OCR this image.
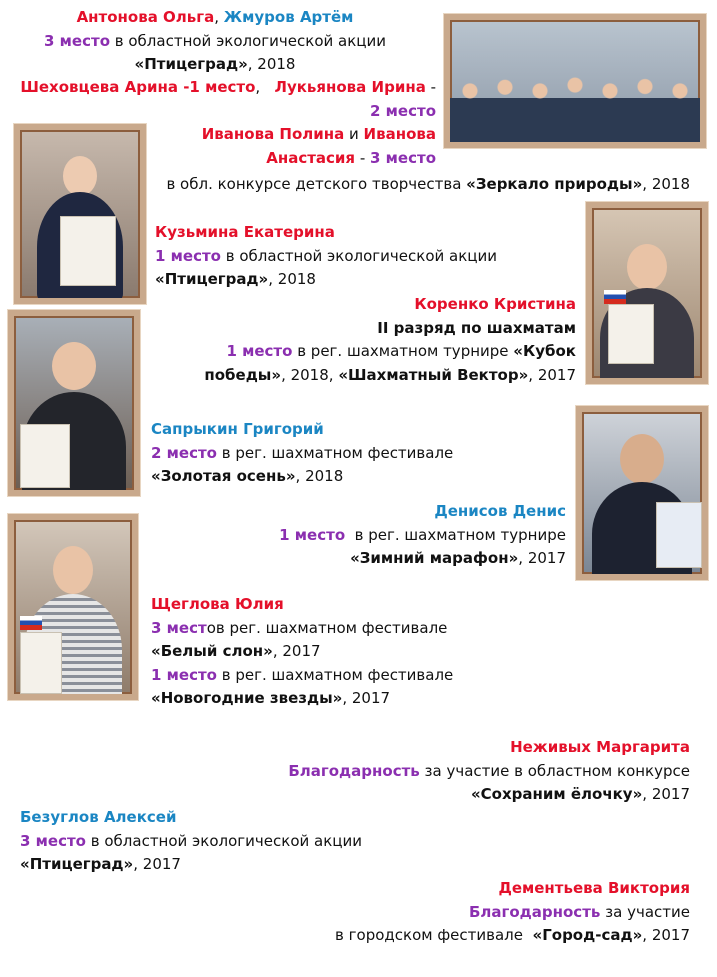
Антонова Ольга, Жмуров Артём

3 место в областной экологической акции

«Птицеград», 2018

Шеховцева Арина -1 место,   Лукьянова Ирина -

2 место

Иванова Полина и Иванова

Анастасия - 3 место

в обл. конкурсе детского творчества «Зеркало природы», 2018

Кузьмина Екатерина

1 место в областной экологической акции

«Птицеград», 2018

Коренко Кристина

II разряд по шахматам

1 место в рег. шахматном турнире «Кубок

победы», 2018, «Шахматный Вектор», 2017

Сапрыкин Григорий

2 место в рег. шахматном фестивале

«Золотая осень», 2018

Денисов Денис

1 место  в рег. шахматном турнире

«Зимний марафон», 2017

Щеглова Юлия

3 местов рег. шахматном фестивале

«Белый слон», 2017

1 место в рег. шахматном фестивале

«Новогодние звезды», 2017

Неживых Маргарита

Благодарность за участие в областном конкурсе

«Сохраним ёлочку», 2017

Безуглов Алексей

3 место в областной экологической акции

«Птицеград», 2017

Дементьева Виктория

Благодарность за участие

в городском фестивале  «Город-сад», 2017
